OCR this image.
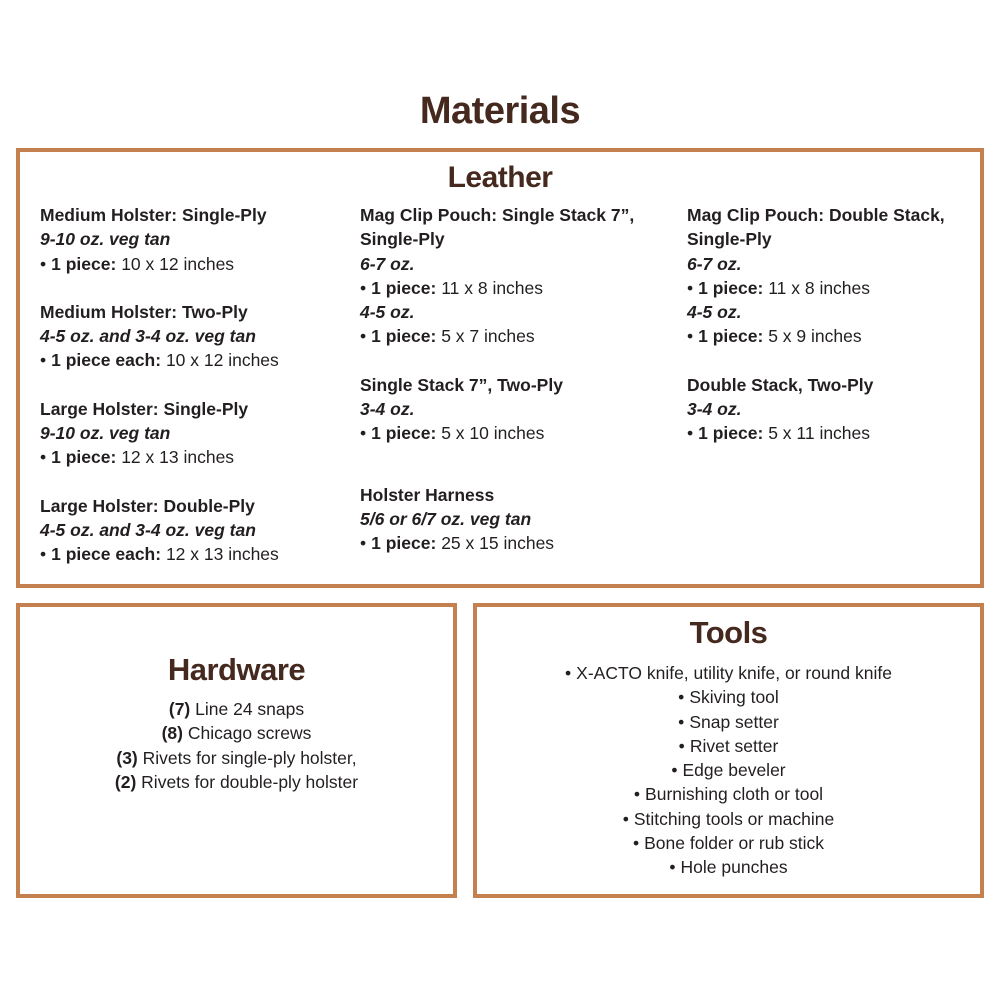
Materials
Leather
Medium Holster: Single-Ply
9-10 oz. veg tan
• 1 piece: 10 x 12 inches
Medium Holster: Two-Ply
4-5 oz. and 3-4 oz. veg tan
• 1 piece each: 10 x 12 inches
Large Holster: Single-Ply
9-10 oz. veg tan
• 1 piece: 12 x 13 inches
Large Holster: Double-Ply
4-5 oz. and 3-4 oz. veg tan
• 1 piece each: 12 x 13 inches
Mag Clip Pouch: Single Stack 7”, Single-Ply
6-7 oz.
• 1 piece: 11 x 8 inches
4-5 oz.
• 1 piece: 5 x 7 inches
Single Stack 7”, Two-Ply
3-4 oz.
• 1 piece: 5 x 10 inches
Holster Harness
5/6 or 6/7 oz. veg tan
• 1 piece: 25 x 15 inches
Mag Clip Pouch: Double Stack, Single-Ply
6-7 oz.
• 1 piece: 11 x 8 inches
4-5 oz.
• 1 piece: 5 x 9 inches
Double Stack, Two-Ply
3-4 oz.
• 1 piece: 5 x 11 inches
Hardware
(7) Line 24 snaps
(8) Chicago screws
(3) Rivets for single-ply holster,
(2) Rivets for double-ply holster
Tools
• X-ACTO knife, utility knife, or round knife
• Skiving tool
• Snap setter
• Rivet setter
• Edge beveler
• Burnishing cloth or tool
• Stitching tools or machine
• Bone folder or rub stick
• Hole punches
